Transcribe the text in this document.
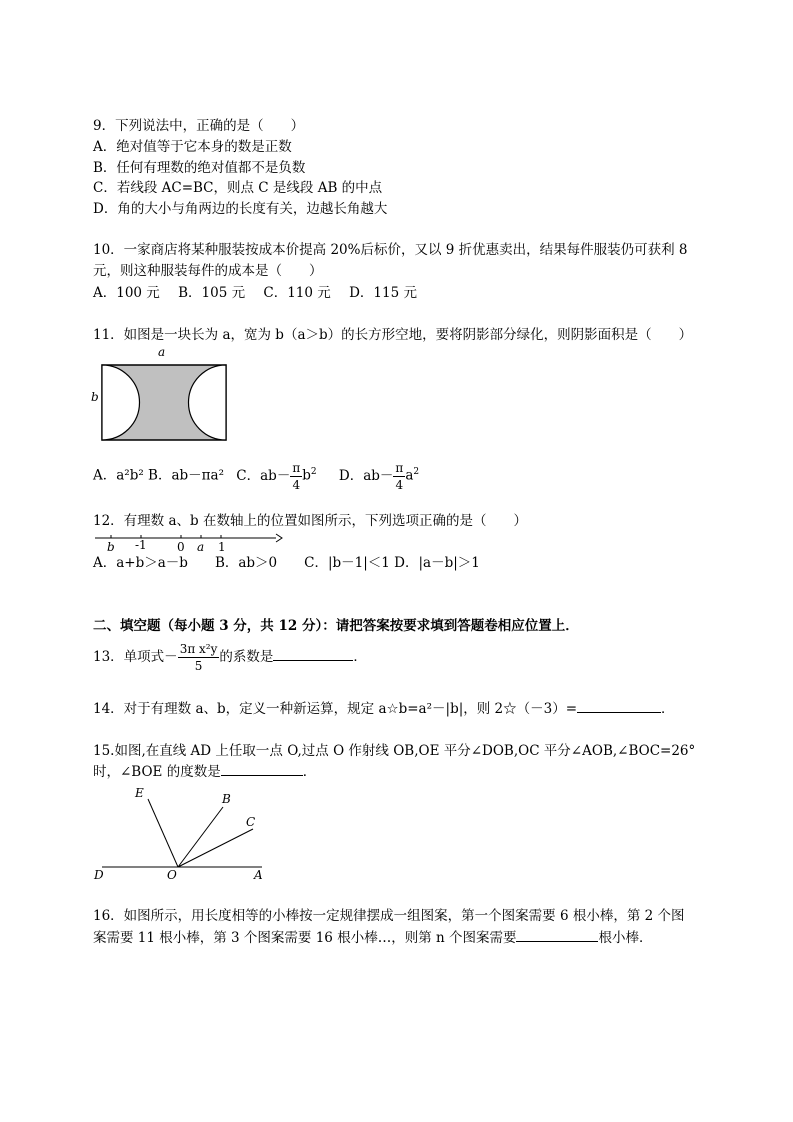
9．下列说法中，正确的是（　　）
A．绝对值等于它本身的数是正数
B．任何有理数的绝对值都不是负数
C．若线段 AC=BC，则点 C 是线段 AB 的中点
D．角的大小与角两边的长度有关，边越长角越大
10．一家商店将某种服装按成本价提高 20%后标价，又以 9 折优惠卖出，结果每件服装仍可获利 8
元，则这种服装每件的成本是（　　）
A．100 元 B．105 元 C．110 元 D．115 元
11．如图是一块长为 a，宽为 b（a＞b）的长方形空地，要将阴影部分绿化，则阴影面积是（　　）
a
b
A．a²b² B．ab－πa² C．$ab- \frac{\pi}{4} b^2$ D．$ab- \frac{\pi}{4} a^2$
12．有理数 a、b 在数轴上的位置如图所示，下列选项正确的是（　　）
b -1	0 a 1
A．a+b＞a－b　　B．ab＞0　　C．|b－1|＜1 D．|a－b|＞1
二、填空题（每小题 3 分，共 12 分）：请把答案按要求填到答题卷相应位置上．
13．单项式－ $\frac{\text{3π x²y}}{5}$ 的系数是	．
14．对于有理数 a、b，定义一种新运算，规定 a☆b=a²－|b|，则 2☆（－3）=	．
15.如图,在直线 AD 上任取一点 O,过点 O 作射线 OB,OE 平分∠DOB,OC 平分∠AOB,∠BOC=26°
时，∠BOE 的度数是	．
E	B
C
D	O	A
16．如图所示，用长度相等的小棒按一定规律摆成一组图案，第一个图案需要 6 根小棒，第 2 个图
案需要 11 根小棒，第 3 个图案需要 16 根小棒…，则第 n 个图案需要	根小棒．
